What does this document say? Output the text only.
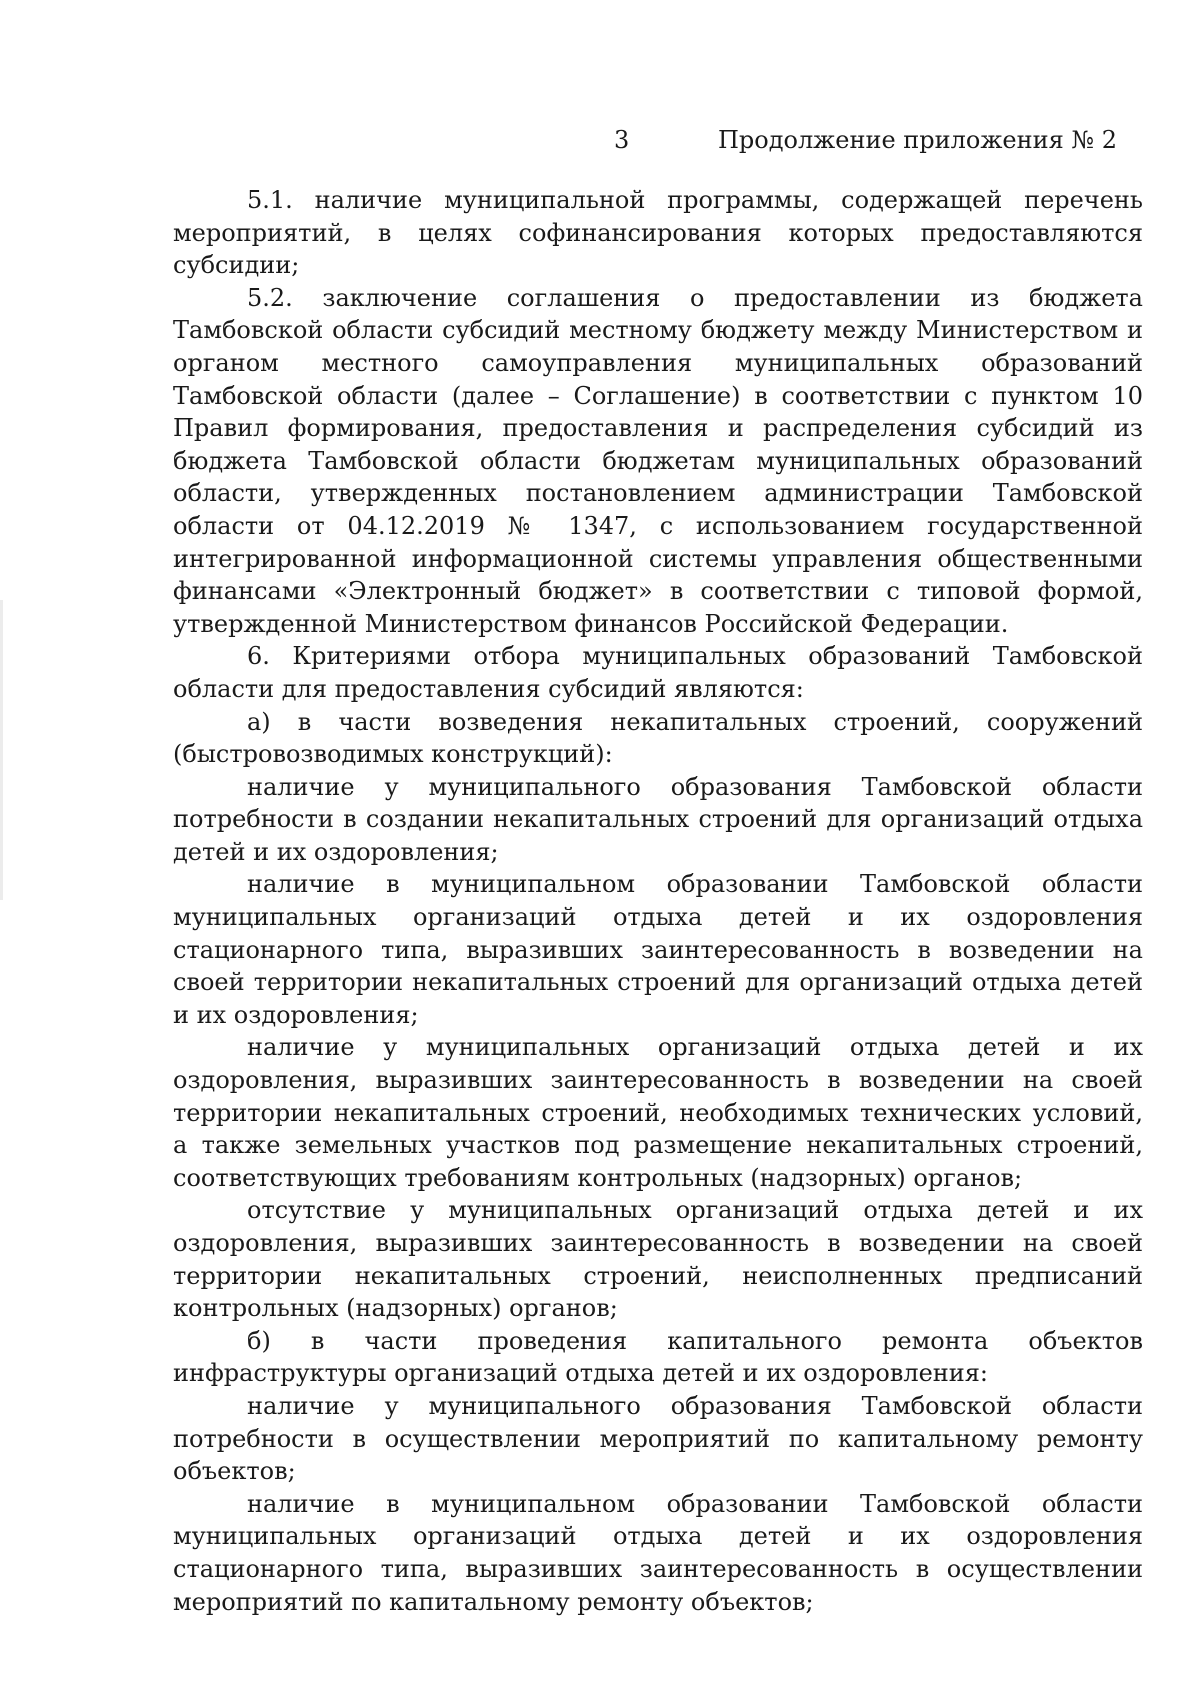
3	Продолжение приложения № 2

5.1. наличие муниципальной программы, содержащей перечень мероприятий, в целях софинансирования которых предоставляются субсидии;

5.2. заключение соглашения о предоставлении из бюджета Тамбовской области субсидий местному бюджету между Министерством и органом местного самоуправления муниципальных образований Тамбовской области (далее – Соглашение) в соответствии с пунктом 10 Правил формирования, предоставления и распределения субсидий из бюджета Тамбовской области бюджетам муниципальных образований области, утвержденных постановлением администрации Тамбовской области от 04.12.2019 № 1347, с использованием государственной интегрированной информационной системы управления общественными финансами «Электронный бюджет» в соответствии с типовой формой, утвержденной Министерством финансов Российской Федерации.

6. Критериями отбора муниципальных образований Тамбовской области для предоставления субсидий являются:

а) в части возведения некапитальных строений, сооружений (быстровозводимых конструкций):

наличие у муниципального образования Тамбовской области потребности в создании некапитальных строений для организаций отдыха детей и их оздоровления;

наличие в муниципальном образовании Тамбовской области муниципальных организаций отдыха детей и их оздоровления стационарного типа, выразивших заинтересованность в возведении на своей территории некапитальных строений для организаций отдыха детей и их оздоровления;

наличие у муниципальных организаций отдыха детей и их оздоровления, выразивших заинтересованность в возведении на своей территории некапитальных строений, необходимых технических условий, а также земельных участков под размещение некапитальных строений, соответствующих требованиям контрольных (надзорных) органов;

отсутствие у муниципальных организаций отдыха детей и их оздоровления, выразивших заинтересованность в возведении на своей территории некапитальных строений, неисполненных предписаний контрольных (надзорных) органов;

б) в части проведения капитального ремонта объектов инфраструктуры организаций отдыха детей и их оздоровления:

наличие у муниципального образования Тамбовской области потребности в осуществлении мероприятий по капитальному ремонту объектов;

наличие в муниципальном образовании Тамбовской области муниципальных организаций отдыха детей и их оздоровления стационарного типа, выразивших заинтересованность в осуществлении мероприятий по капитальному ремонту объектов;
